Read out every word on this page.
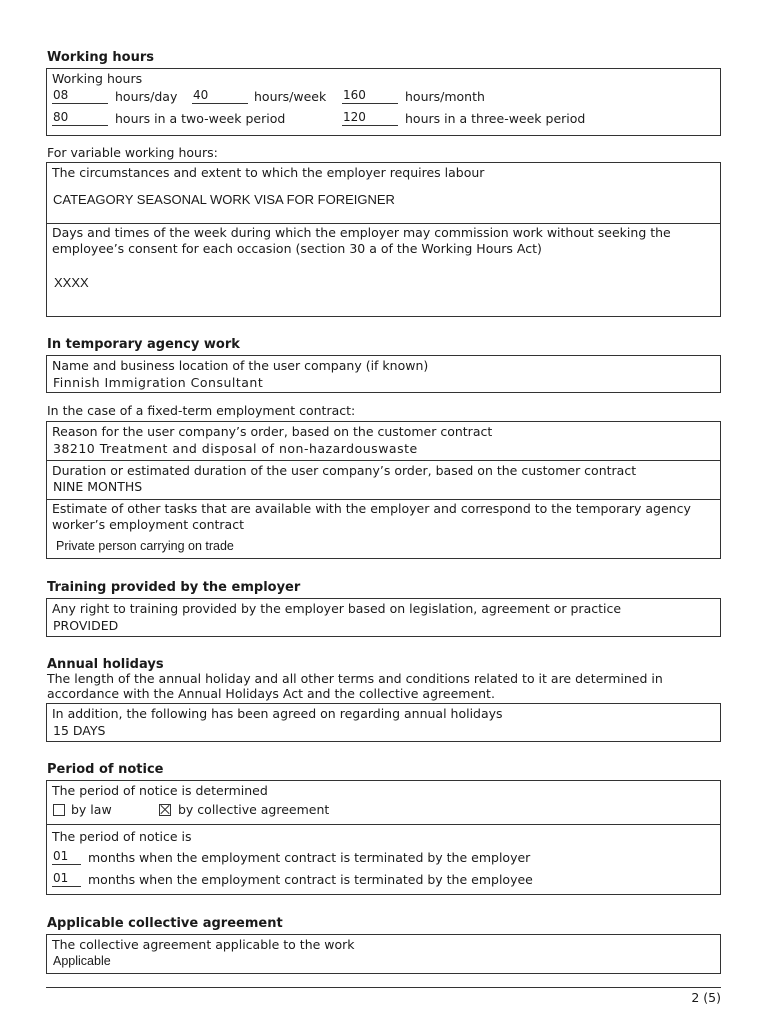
Working hours
Working hours
08	hours/day 40	hours/week 160	hours/month
80	hours in a two-week period	120	hours in a three-week period
For variable working hours:
The circumstances and extent to which the employer requires labour
CATEAGORY SEASONAL WORK VISA FOR FOREIGNER
Days and times of the week during which the employer may commission work without seeking the
employee’s consent for each occasion (section 30 a of the Working Hours Act)
XXXX
In temporary agency work
Name and business location of the user company (if known)
Finnish Immigration Consultant
In the case of a fixed-term employment contract:
Reason for the user company’s order, based on the customer contract
38210 Treatment and disposal of non-hazardouswaste
Duration or estimated duration of the user company’s order, based on the customer contract
NINE MONTHS
Estimate of other tasks that are available with the employer and correspond to the temporary agency
worker’s employment contract
Private person carrying on trade
Training provided by the employer
Any right to training provided by the employer based on legislation, agreement or practice
PROVIDED
Annual holidays
The length of the annual holiday and all other terms and conditions related to it are determined in
accordance with the Annual Holidays Act and the collective agreement.
In addition, the following has been agreed on regarding annual holidays
15 DAYS
Period of notice
The period of notice is determined
by law	by collective agreement
The period of notice is
01	months when the employment contract is terminated by the employer
01	months when the employment contract is terminated by the employee
Applicable collective agreement
The collective agreement applicable to the work
Applicable
2 (5)
